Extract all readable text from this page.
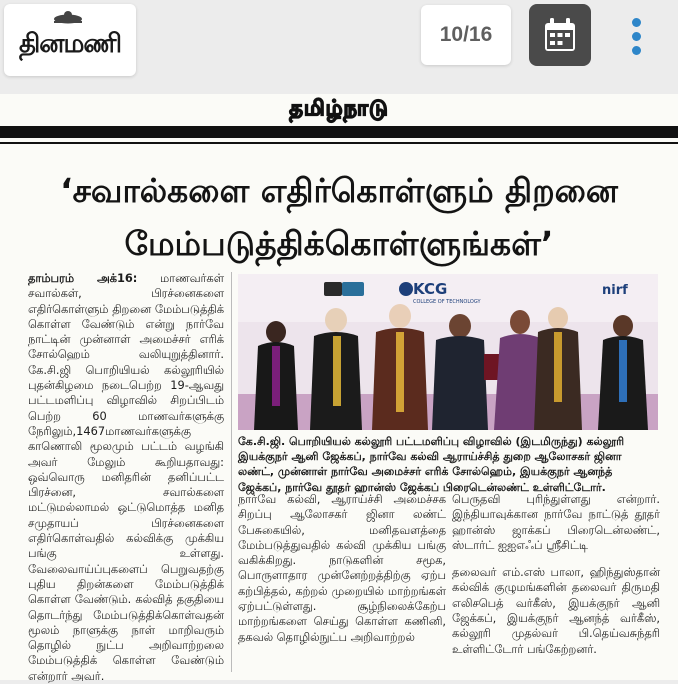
தினமணி	10/16
தமிழ்நாடு
‘சவால்களை எதிர்கொள்ளும் திறனை
மேம்படுத்திக்கொள்ளுங்கள்’
தாம்பரம் அக்16: மாணவர்கள் சவால்கள், பிரச்னைகளை எதிர்கொள்ளும் திறனை மேம்படுத்திக் கொள்ள வேண்டும் என்று நார்வே நாட்டின் முன்னாள் அமைச்சர் எரிக் சோல்ஹெம் வலியுறுத்தினார். கே.சி.ஜி பொறியியல் கல்லூரியில் புதன்கிழமை நடைபெற்ற 19-ஆவது பட்டமளிப்பு விழாவில் சிறப்பிடம் பெற்ற 60 மாணவர்களுக்கு நேரிலும்,1467மாணவர்களுக்கு காணொலி மூலமும் பட்டம் வழங்கி அவர் மேலும் கூறியதாவது: ஒவ்வொரு மனிதரின் தனிப்பட்ட பிரச்னை, சவால்களை மட்டுமல்லாமல் ஒட்டுமொத்த மனித சமுதாயப் பிரச்னைகளை எதிர்கொள்வதில் கல்விக்கு முக்கிய பங்கு உள்ளது. வேலைவாய்ப்புகளைப் பெறுவதற்கு புதிய திறன்களை மேம்படுத்திக் கொள்ள வேண்டும். கல்வித் தகுதியை தொடர்ந்து மேம்படுத்திக்கொள்வதன் மூலம் நாளுக்கு நாள் மாறிவரும் தொழில் நுட்ப அறிவாற்றலை மேம்படுத்திக் கொள்ள வேண்டும் என்றார் அவர்.
KCG
COLLEGE OF TECHNOLOGY
nirf
கே.சி.ஜி. பொறியியல் கல்லூரி பட்டமளிப்பு விழாவில் (இடமிருந்து) கல்லூரி இயக்குநர் ஆனி ஜேக்கப், நார்வே கல்வி ஆராய்ச்சித் துறை ஆலோசகர் ஜினா லண்ட், முன்னாள் நார்வே அமைச்சர் எரிக் சோல்ஹெம், இயக்குநர் ஆனந்த் ஜேக்கப், நார்வே தூதர் ஹான்ஸ் ஜேக்கப் பிரைடென்லண்ட் உள்ளிட்டோர்.
நார்வே கல்வி, ஆராய்ச்சி அமைச்சக சிறப்பு ஆலோசகர் ஜினா லண்ட் பேசுகையில், மனிதவளத்தை மேம்படுத்துவதில் கல்வி முக்கிய பங்கு வகிக்கிறது. நாடுகளின் சமூக, பொருளாதார முன்னேற்றத்திற்கு ஏற்ப கற்பித்தல், கற்றல் முறையில் மாற்றங்கள் ஏற்பட்டுள்ளது. சூழ்நிலைக்கேற்ப மாற்றங்களை செய்து கொள்ள கணினி, தகவல் தொழில்நுட்ப அறிவாற்றல்
பெருதவி புரிந்துள்ளது என்றார். இந்தியாவுக்கான நார்வே நாட்டுத் தூதர் ஹான்ஸ் ஜாக்கப் பிரைடென்லண்ட், ஸ்டார்ட் ஐஐஎஃப் ஸ்ரீசிட்டி
தலைவர் எம்.எஸ் பாலா, ஹிந்துஸ்தான் கல்விக் குழுமங்களின் தலைவர் திருமதி எலிசபெத் வர்கீஸ், இயக்குநர் ஆனி ஜேக்கப், இயக்குநர் ஆனந்த் வர்கீஸ், கல்லூரி முதல்வர் பி.தெய்வசுந்தரி உள்ளிட்டோர் பங்கேற்றனர்.
